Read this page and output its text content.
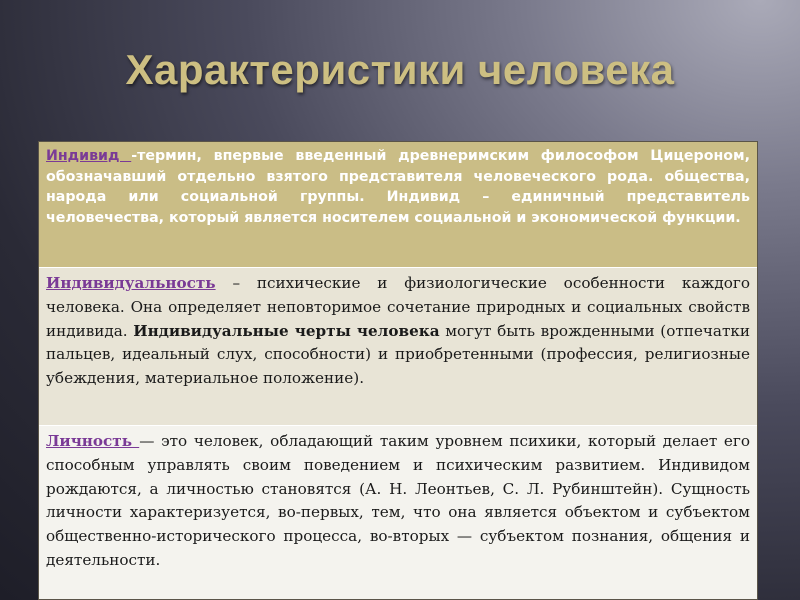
Характеристики человека
Индивид -термин, впервые введенный древнеримским философом Цицероном, обозначавший отдельно взятого представителя человеческого рода. общества, народа или социальной группы. Индивид – единичный представитель человечества, который является носителем социальной и экономической функции.
Индивидуальность – психические и физиологические особенности каждого человека. Она определяет неповторимое сочетание природных и социальных свойств индивида. Индивидуальные черты человека могут быть врожденными (отпечатки пальцев, идеальный слух, способности) и приобретенными (профессия, религиозные убеждения, материальное положение).
Личность — это человек, обладающий таким уровнем психики, который делает его способным управлять своим поведением и психическим развитием. Индивидом рождаются, а личностью становятся (А. Н. Леонтьев, С. Л. Рубинштейн). Сущность личности характеризуется, во-первых, тем, что она является объектом и субъектом общественно-исторического процесса, во-вторых — субъектом познания, общения и деятельности.
